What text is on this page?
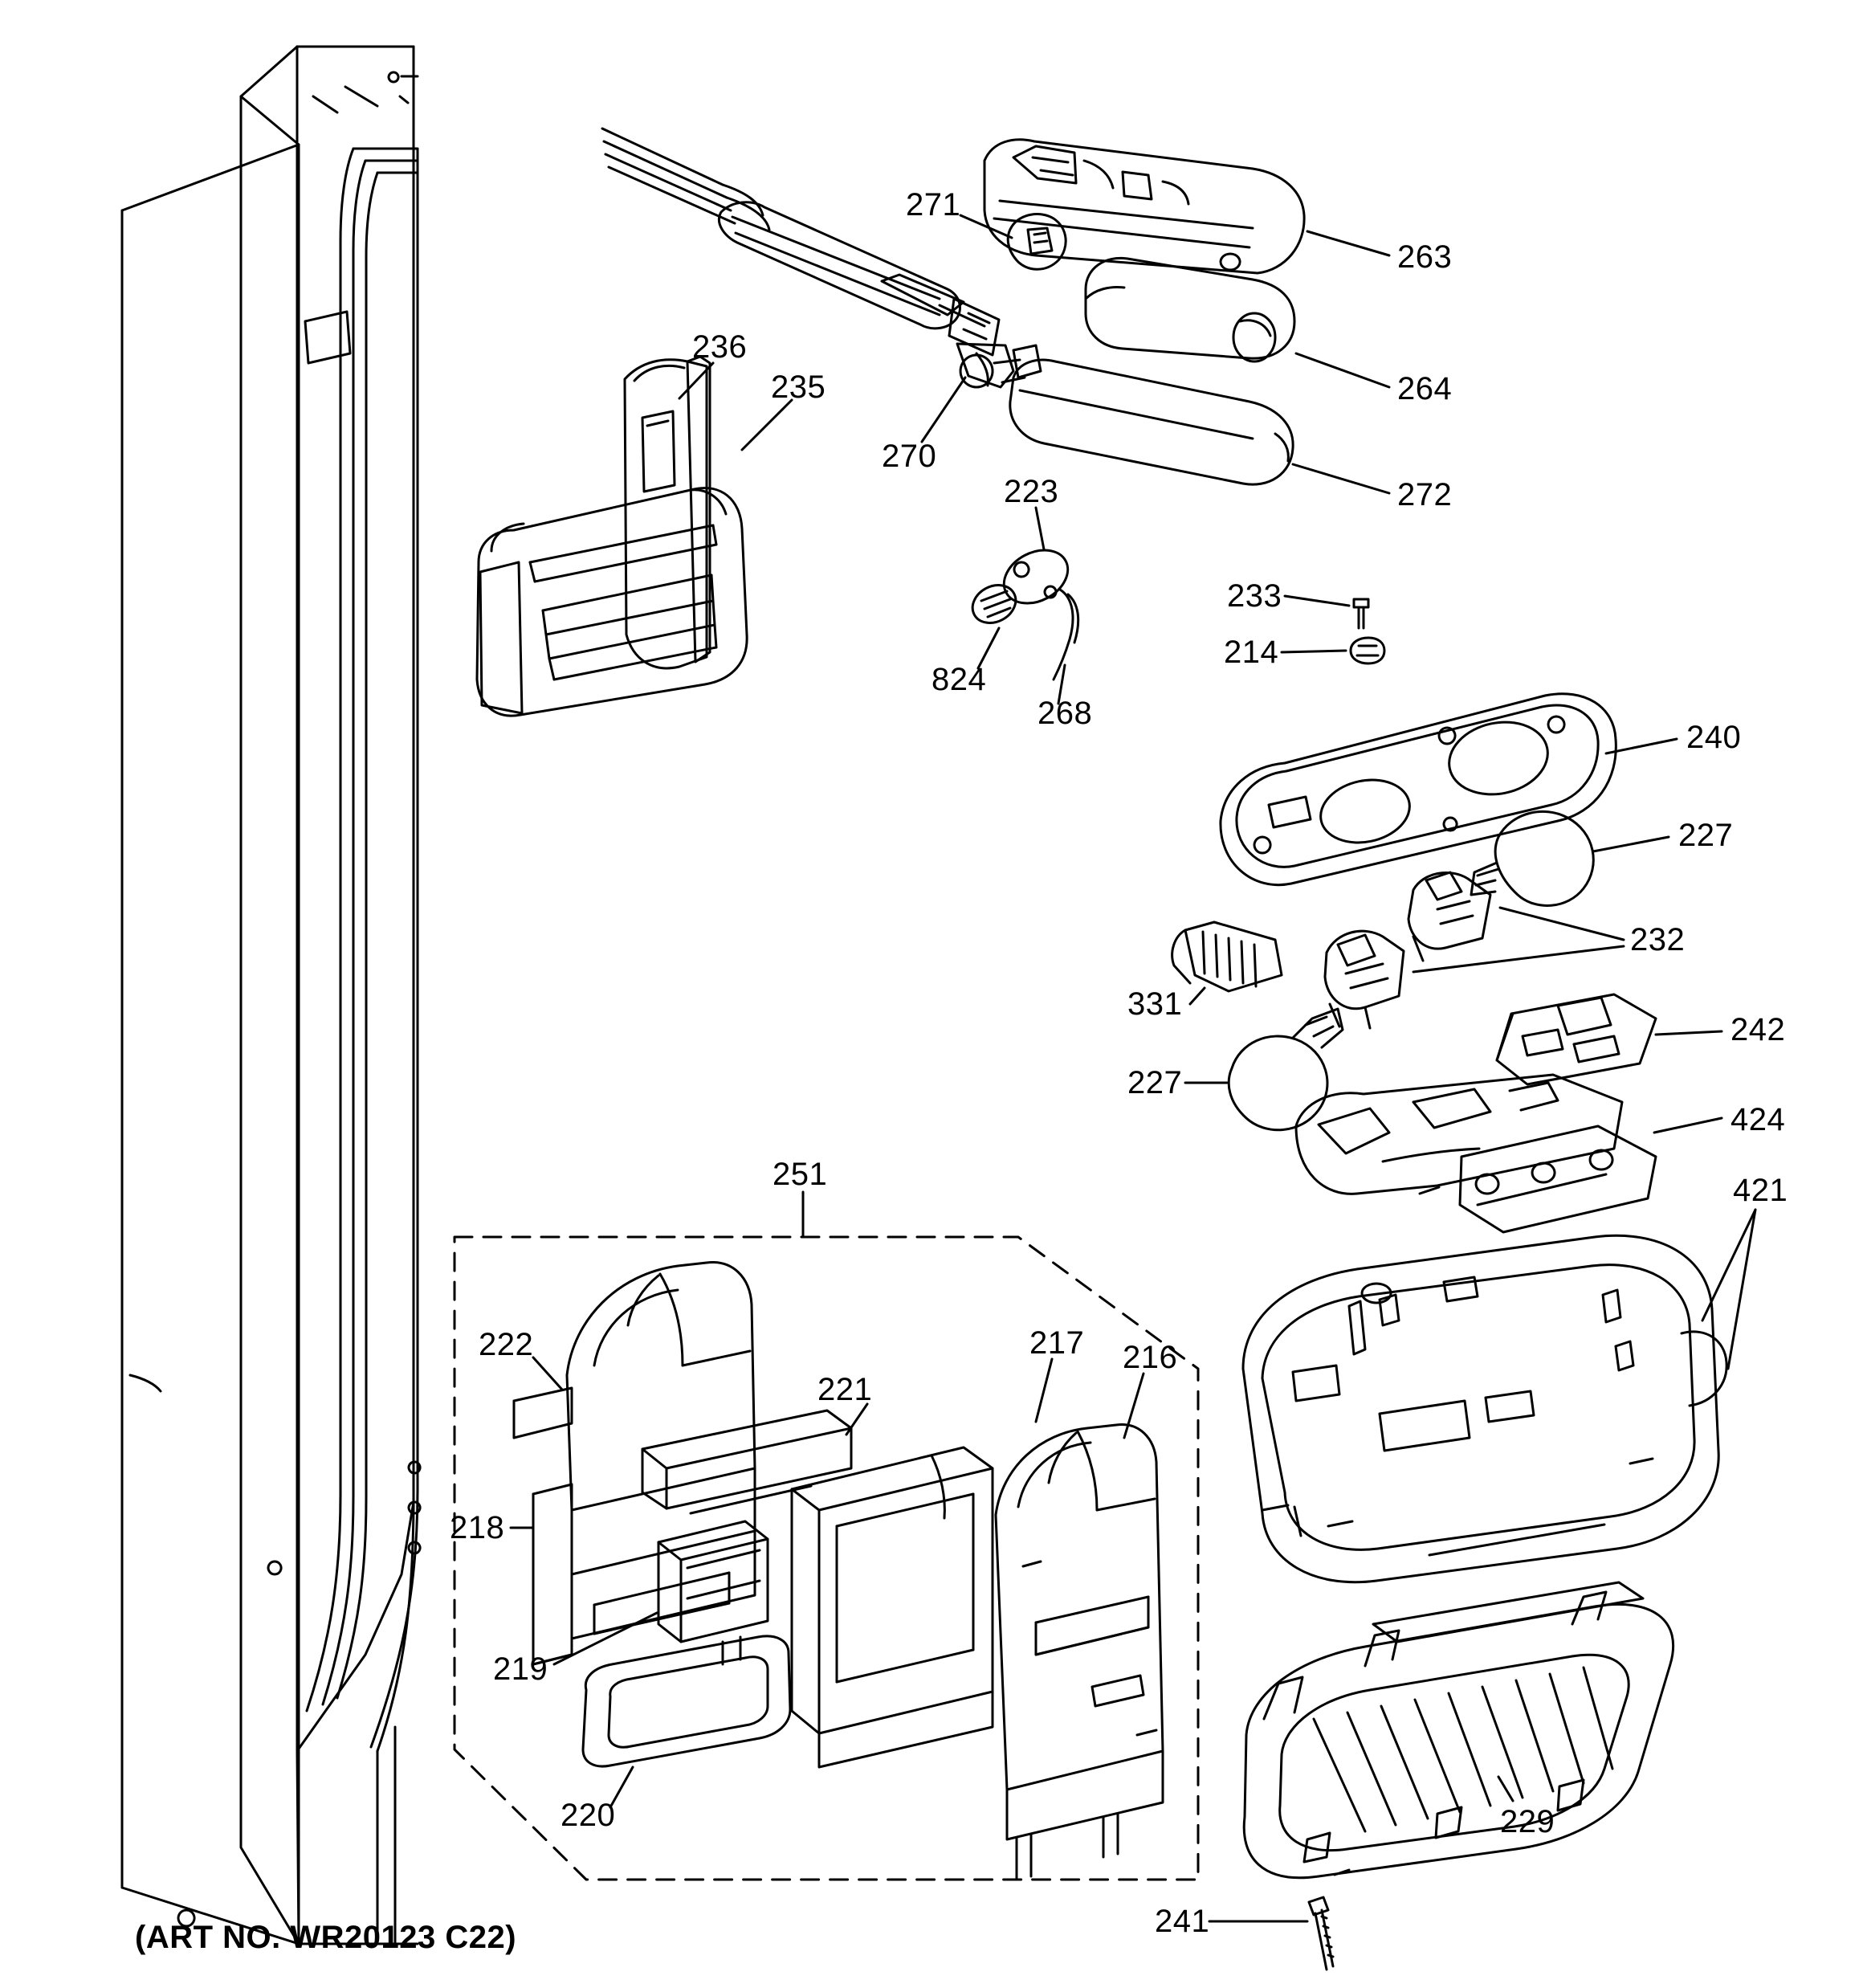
271
263
264
272
236
235
270
223
824
268
233
214
240
227
232
331
227
242
424
421
251
222	217 216
221
218
219
220	229
241
(ART NO. WR20123 C22)
